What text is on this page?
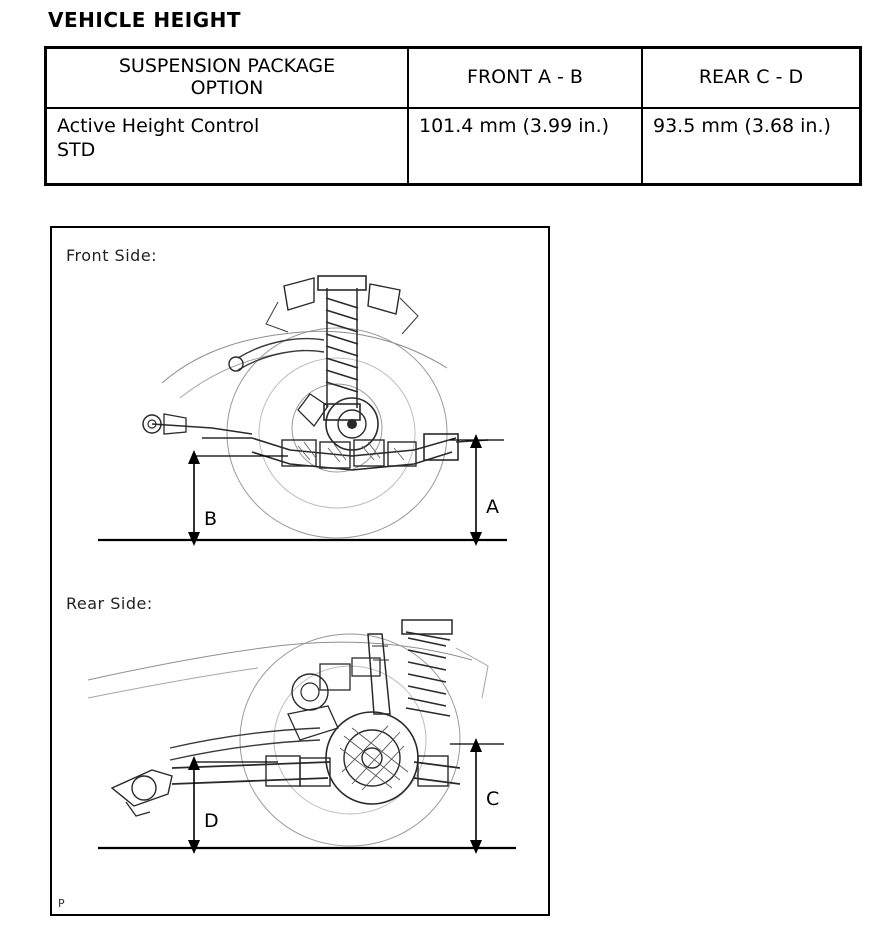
VEHICLE HEIGHT
SUSPENSION PACKAGE
OPTION	FRONT A - B	REAR C - D

Active Height Control
STD	101.4 mm (3.99 in.)	93.5 mm (3.68 in.)
Front Side:
Rear Side:
A
B
C
D
P
